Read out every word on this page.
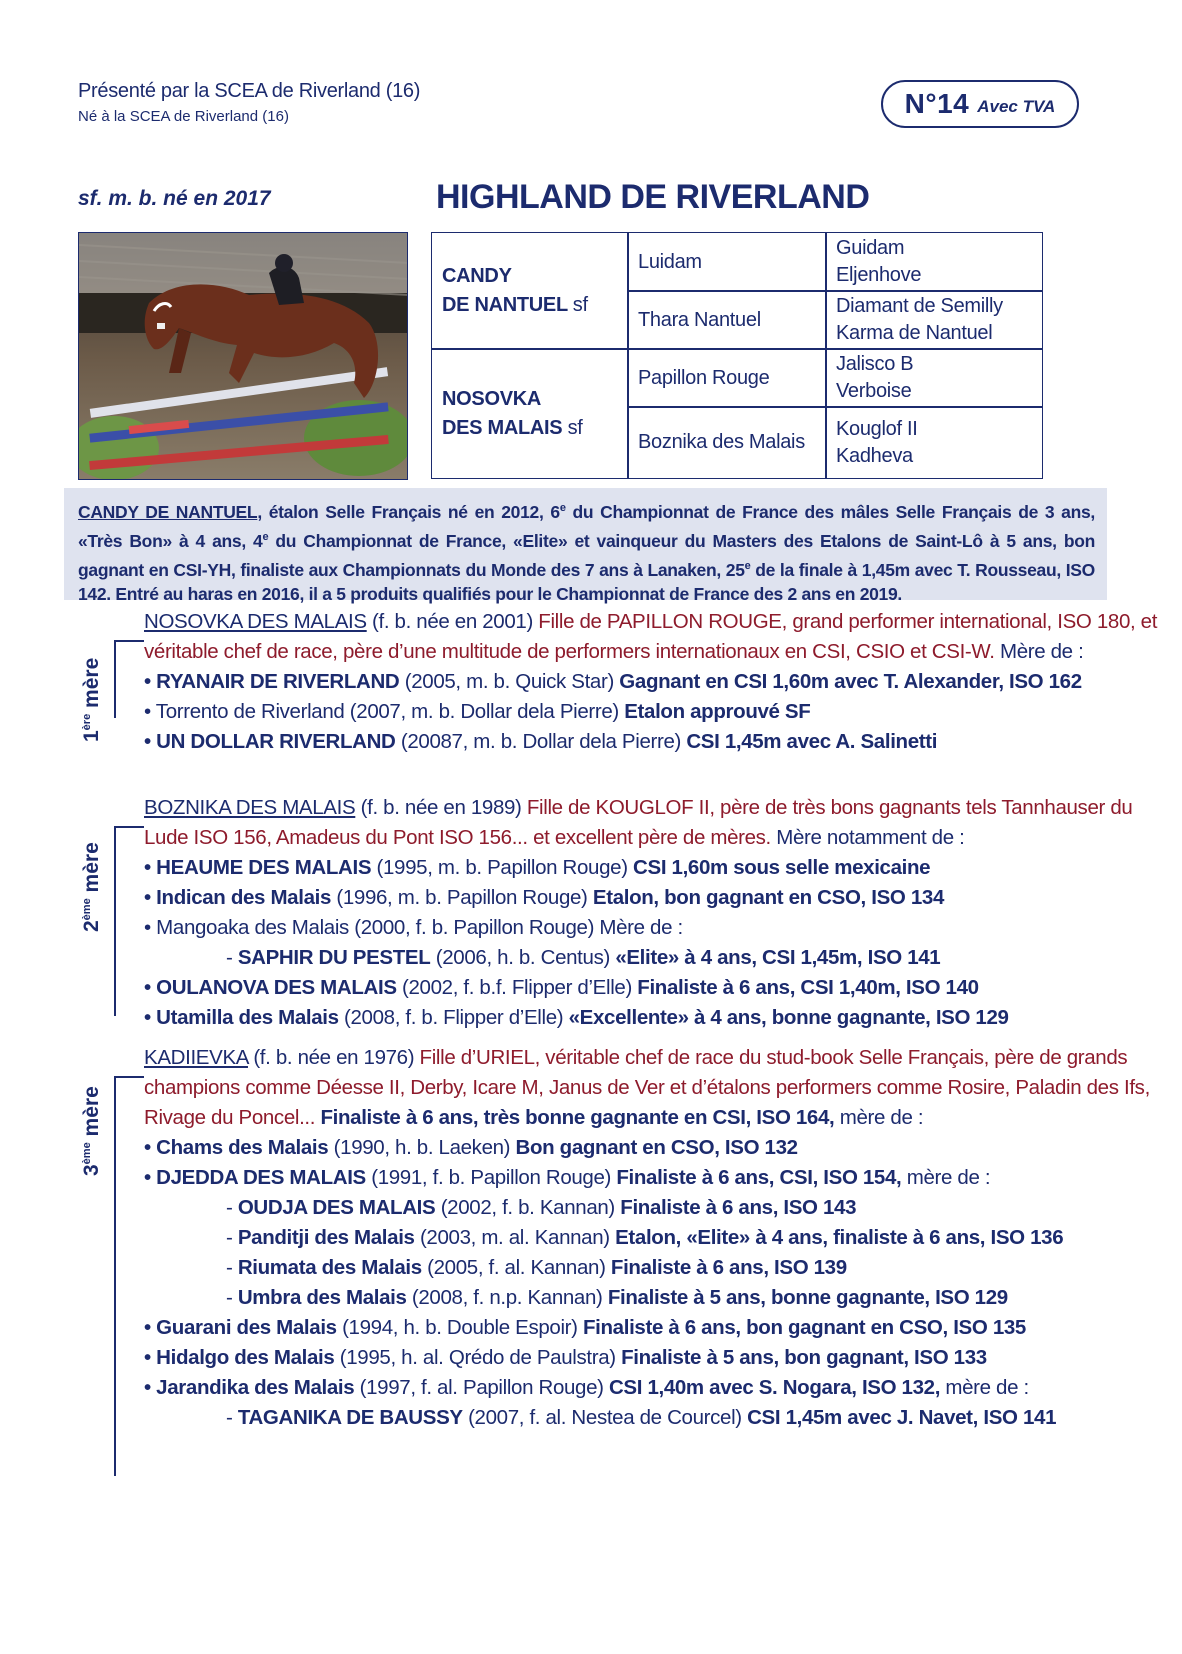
Présenté par la SCEA de Riverland (16)
Né à la SCEA de Riverland (16)	N°14 Avec TVA
sf. m. b. né en 2017	HIGHLAND DE RIVERLAND
CANDY
DE NANTUEL sf
NOSOVKA
DES MALAIS sf
Luidam
Thara Nantuel
Papillon Rouge
Boznika des Malais
Guidam
Eljenhove
Diamant de Semilly
Karma de Nantuel
Jalisco B
Verboise
Kouglof II
Kadheva
CANDY DE NANTUEL, étalon Selle Français né en 2012, 6e du Championnat de France des mâles Selle Français de 3 ans, «Très Bon» à 4 ans, 4e du Championnat de France, «Elite» et vainqueur du Masters des Etalons de Saint-Lô à 5 ans, bon gagnant en CSI-YH, finaliste aux Championnats du Monde des 7 ans à Lanaken, 25e de la finale à 1,45m avec T. Rousseau, ISO 142. Entré au haras en 2016, il a 5 produits qualifiés pour le Championnat de France des 2 ans en 2019.
1ère mère
NOSOVKA DES MALAIS (f. b. née en 2001) Fille de PAPILLON ROUGE, grand performer international, ISO 180, et
véritable chef de race, père d’une multitude de performers internationaux en CSI, CSIO et CSI-W. Mère de :
• RYANAIR DE RIVERLAND (2005, m. b. Quick Star) Gagnant en CSI 1,60m avec T. Alexander, ISO 162
• Torrento de Riverland (2007, m. b. Dollar dela Pierre) Etalon approuvé SF
• UN DOLLAR RIVERLAND (20087, m. b. Dollar dela Pierre) CSI 1,45m avec A. Salinetti
2ème mère
BOZNIKA DES MALAIS (f. b. née en 1989) Fille de KOUGLOF II, père de très bons gagnants tels Tannhauser du
Lude ISO 156, Amadeus du Pont ISO 156... et excellent père de mères. Mère notamment de :
• HEAUME DES MALAIS (1995, m. b. Papillon Rouge) CSI 1,60m sous selle mexicaine
• Indican des Malais (1996, m. b. Papillon Rouge) Etalon, bon gagnant en CSO, ISO 134
• Mangoaka des Malais (2000, f. b. Papillon Rouge) Mère de :
- SAPHIR DU PESTEL (2006, h. b. Centus) «Elite» à 4 ans, CSI 1,45m, ISO 141
• OULANOVA DES MALAIS (2002, f. b.f. Flipper d’Elle) Finaliste à 6 ans, CSI 1,40m, ISO 140
• Utamilla des Malais (2008, f. b. Flipper d’Elle) «Excellente» à 4 ans, bonne gagnante, ISO 129
3ème mère
KADIIEVKA (f. b. née en 1976) Fille d’URIEL, véritable chef de race du stud-book Selle Français, père de grands
champions comme Déesse II, Derby, Icare M, Janus de Ver et d’étalons performers comme Rosire, Paladin des Ifs,
Rivage du Poncel... Finaliste à 6 ans, très bonne gagnante en CSI, ISO 164, mère de :
• Chams des Malais (1990, h. b. Laeken) Bon gagnant en CSO, ISO 132
• DJEDDA DES MALAIS (1991, f. b. Papillon Rouge) Finaliste à 6 ans, CSI, ISO 154, mère de :
- OUDJA DES MALAIS (2002, f. b. Kannan) Finaliste à 6 ans, ISO 143
- Panditji des Malais (2003, m. al. Kannan) Etalon, «Elite» à 4 ans, finaliste à 6 ans, ISO 136
- Riumata des Malais (2005, f. al. Kannan) Finaliste à 6 ans, ISO 139
- Umbra des Malais (2008, f. n.p. Kannan) Finaliste à 5 ans, bonne gagnante, ISO 129
• Guarani des Malais (1994, h. b. Double Espoir) Finaliste à 6 ans, bon gagnant en CSO, ISO 135
• Hidalgo des Malais (1995, h. al. Qrédo de Paulstra) Finaliste à 5 ans, bon gagnant, ISO 133
• Jarandika des Malais (1997, f. al. Papillon Rouge) CSI 1,40m avec S. Nogara, ISO 132, mère de :
- TAGANIKA DE BAUSSY (2007, f. al. Nestea de Courcel) CSI 1,45m avec J. Navet, ISO 141
